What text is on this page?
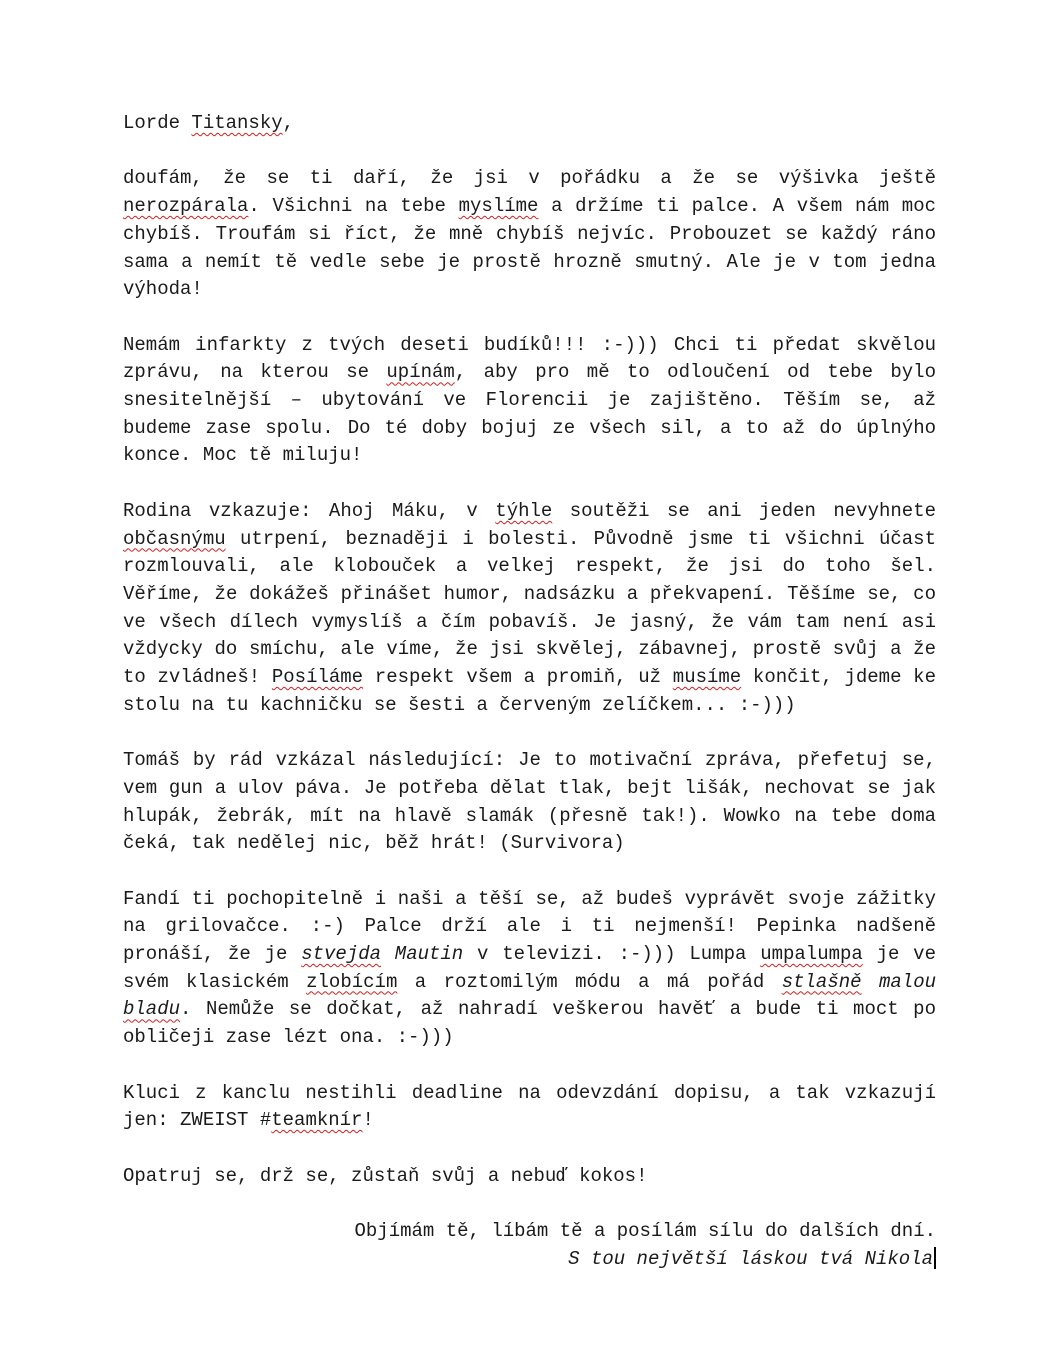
Lorde Titansky,

doufám, že se ti daří, že jsi v pořádku a že se výšivka ještě nerozpárala. Všichni na tebe myslíme a držíme ti palce. A všem nám moc chybíš. Troufám si říct, že mně chybíš nejvíc. Probouzet se každý ráno sama a nemít tě vedle sebe je prostě hrozně smutný. Ale je v tom jedna výhoda!

Nemám infarkty z tvých deseti budíků!!! :-))) Chci ti předat skvělou zprávu, na kterou se upínám, aby pro mě to odloučení od tebe bylo snesitelnější – ubytování ve Florencii je zajištěno. Těším se, až budeme zase spolu. Do té doby bojuj ze všech sil, a to až do úplnýho konce. Moc tě miluju!

Rodina vzkazuje: Ahoj Máku, v týhle soutěži se ani jeden nevyhnete občasnýmu utrpení, beznaději i bolesti. Původně jsme ti všichni účast rozmlouvali, ale klobouček a velkej respekt, že jsi do toho šel. Věříme, že dokážeš přinášet humor, nadsázku a překvapení. Těšíme se, co ve všech dílech vymyslíš a čím pobavíš. Je jasný, že vám tam není asi vždycky do smíchu, ale víme, že jsi skvělej, zábavnej, prostě svůj a že to zvládneš! Posíláme respekt všem a promiň, už musíme končit, jdeme ke stolu na tu kachničku se šesti a červeným zelíčkem... :-)))

Tomáš by rád vzkázal následující: Je to motivační zpráva, přefetuj se, vem gun a ulov páva. Je potřeba dělat tlak, bejt lišák, nechovat se jak hlupák, žebrák, mít na hlavě slamák (přesně tak!). Wowko na tebe doma čeká, tak nedělej nic, běž hrát! (Survivora)

Fandí ti pochopitelně i naši a těší se, až budeš vyprávět svoje zážitky na grilovačce. :-) Palce drží ale i ti nejmenší! Pepinka nadšeně pronáší, že je stvejda Mautin v televizi. :-))) Lumpa umpalumpa je ve svém klasickém zlobícím a roztomilým módu a má pořád stlašně malou bladu. Nemůže se dočkat, až nahradí veškerou havěť a bude ti moct po obličeji zase lézt ona. :-)))

Kluci z kanclu nestihli deadline na odevzdání dopisu, a tak vzkazují jen: ZWEIST #teamknír!

Opatruj se, drž se, zůstaň svůj a nebuď kokos!

Objímám tě, líbám tě a posílám sílu do dalších dní.

S tou největší láskou tvá Nikola
